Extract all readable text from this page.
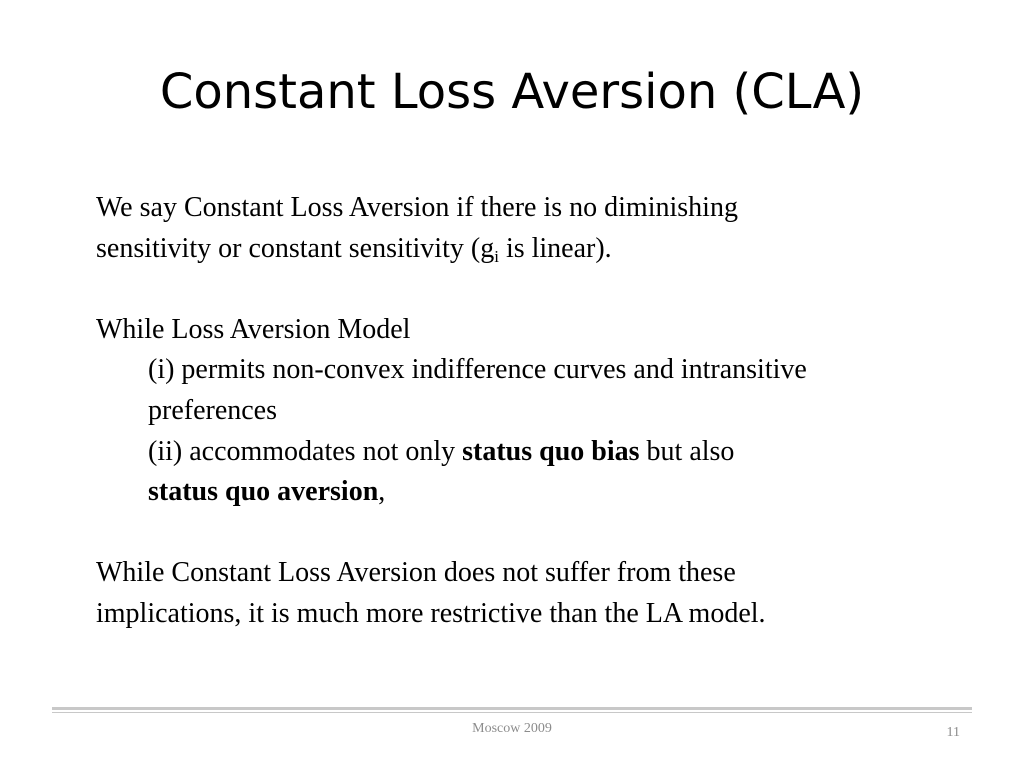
Constant Loss Aversion (CLA)
We say Constant Loss Aversion if there is no diminishing
sensitivity or constant sensitivity ($g_i$ is linear).
While Loss Aversion Model
(i) permits non-convex indifference curves and intransitive
preferences
(ii) accommodates not only status quo bias but also
status quo aversion,
While Constant Loss Aversion does not suffer from these
implications, it is much more restrictive than the LA model.
Moscow 2009	11
